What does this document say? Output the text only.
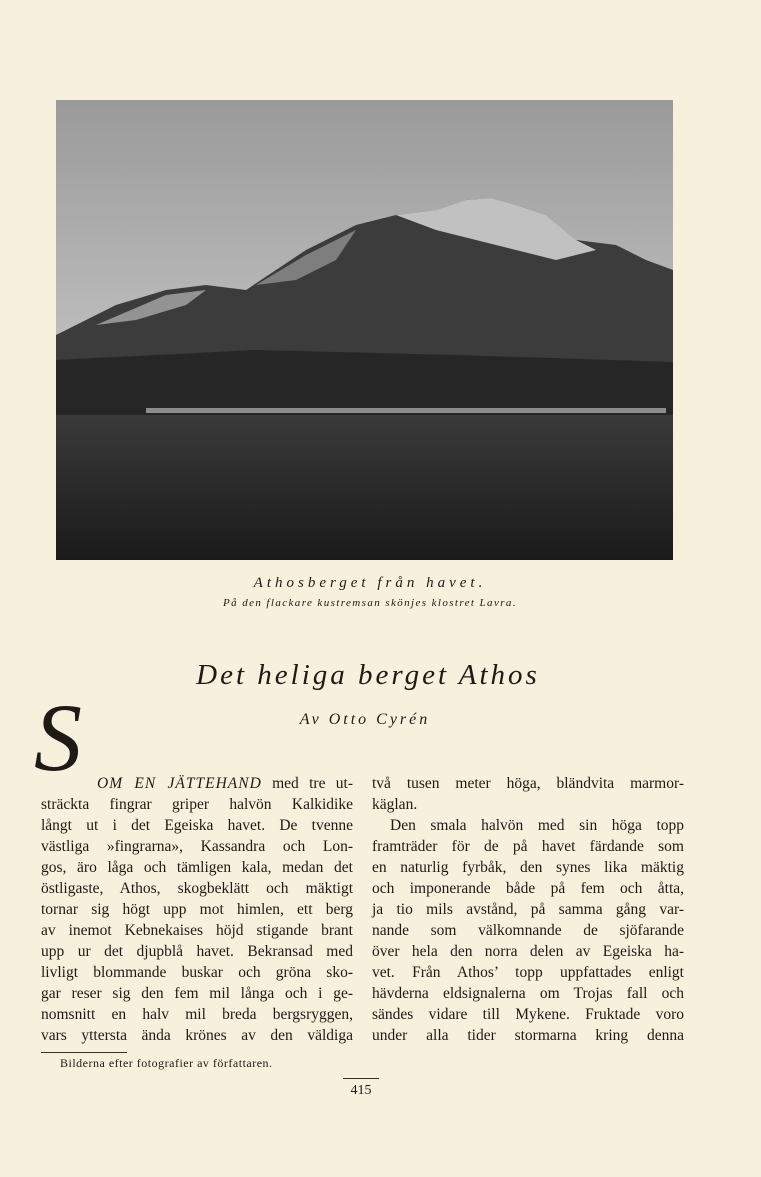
Athosberget från havet.
På den flackare kustremsan skönjes klostret Lavra.
Det heliga berget Athos
Av Otto Cyrén
S OM EN JÄTTEHAND med tre ut-
sträckta fingrar griper halvön Kalkidike
långt ut i det Egeiska havet. De tvenne
västliga »fingrarna», Kassandra och Lon-
gos, äro låga och tämligen kala, medan det
östligaste, Athos, skogbeklätt och mäktigt
tornar sig högt upp mot himlen, ett berg
av inemot Kebnekaises höjd stigande brant
upp ur det djupblå havet. Bekransad med
livligt blommande buskar och gröna sko-
gar reser sig den fem mil långa och i ge-
nomsnitt en halv mil breda bergsryggen,
vars yttersta ända krönes av den väldiga
två tusen meter höga, bländvita marmor-
käglan.
Den smala halvön med sin höga topp
framträder för de på havet färdande som
en naturlig fyrbåk, den synes lika mäktig
och imponerande både på fem och åtta,
ja tio mils avstånd, på samma gång var-
nande som välkomnande de sjöfarande
över hela den norra delen av Egeiska ha-
vet. Från Athos’ topp uppfattades enligt
hävderna eldsignalerna om Trojas fall och
sändes vidare till Mykene. Fruktade voro
under alla tider stormarna kring denna
Bilderna efter fotografier av författaren.
415
